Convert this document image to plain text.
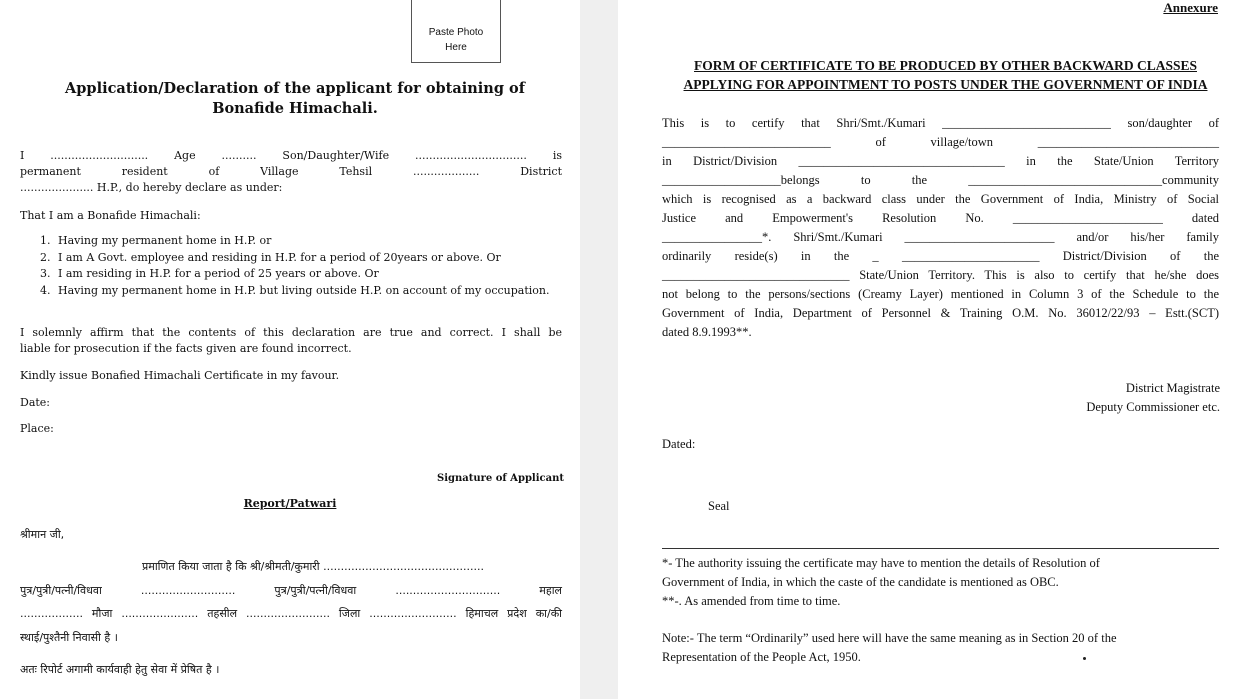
Paste Photo
Here
Application/Declaration of the applicant for obtaining of
Bonafide Himachali.
I ............................ Age .......... Son/Daughter/Wife ................................ is
permanent resident of Village Tehsil ................... District
..................... H.P., do hereby declare as under:
That I am a Bonafide Himachali:
1. Having my permanent home in H.P. or
2. I am A Govt. employee and residing in H.P. for a period of 20years or above. Or
3. I am residing in H.P. for a period of 25 years or above. Or
4. Having my permanent home in H.P. but living outside H.P. on account of my occupation.
I solemnly affirm that the contents of this declaration are true and correct. I shall be
liable for prosecution if the facts given are found incorrect.
Kindly issue Bonafied Himachali Certificate in my favour.
Date:
Place:
Signature of Applicant
Report/Patwari
श्रीमान जी,
प्रमाणित किया जाता है कि श्री/श्रीमती/कुमारी ..............................................
पुत्र/पुत्री/पत्नी/विधवा ........................... पुत्र/पुत्री/पत्नी/विधवा .............................. महाल
.................. मौजा ...................... तहसील ........................ जिला ......................... हिमाचल प्रदेश का/की
स्थाई/पुश्तैनी निवासी है ।
अतः रिपोर्ट अगामी कार्यवाही हेतु सेवा में प्रेषित है ।
Annexure
FORM OF CERTIFICATE TO BE PRODUCED BY OTHER BACKWARD CLASSES
APPLYING FOR APPOINTMENT TO POSTS UNDER THE GOVERNMENT OF INDIA
This is to certify that Shri/Smt./Kumari ___________________________ son/daughter of
___________________________ of village/town _____________________________
in District/Division _________________________________ in the State/Union Territory
___________________belongs to the _______________________________community
which is recognised as a backward class under the Government of India, Ministry of Social
Justice and Empowerment's Resolution No. ________________________ dated
________________*. Shri/Smt./Kumari ________________________ and/or his/her family
ordinarily reside(s) in the _ ______________________ District/Division of the
______________________________ State/Union Territory. This is also to certify that he/she does
not belong to the persons/sections (Creamy Layer) mentioned in Column 3 of the Schedule to the
Government of India, Department of Personnel & Training O.M. No. 36012/22/93 – Estt.(SCT)
dated 8.9.1993**.
District Magistrate
Deputy Commissioner etc.
Dated:
Seal
*- The authority issuing the certificate may have to mention the details of Resolution of
Government of India, in which the caste of the candidate is mentioned as OBC.
**-. As amended from time to time.
Note:- The term “Ordinarily” used here will have the same meaning as in Section 20 of the
Representation of the People Act, 1950.
